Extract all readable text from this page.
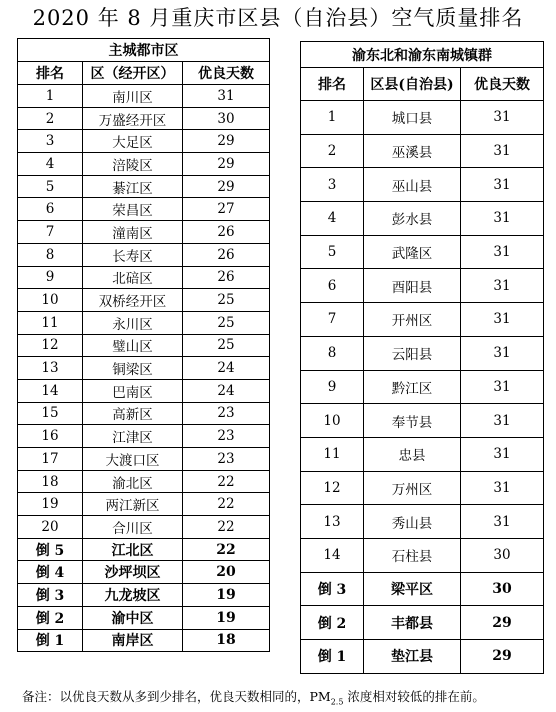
2020 年 8 月重庆市区县（自治县）空气质量排名
主城都市区		
排名	区（经开区）	优良天数
1	南川区	31
2	万盛经开区	30
3	大足区	29
4	涪陵区	29
5	綦江区	29
6	荣昌区	27
7	潼南区	26
8	长寿区	26
9	北碚区	26
10	双桥经开区	25
11	永川区	25
12	璧山区	25
13	铜梁区	24
14	巴南区	24
15	高新区	23
16	江津区	23
17	大渡口区	23
18	渝北区	22
19	两江新区	22
20	合川区	22
倒 5	江北区	22
倒 4	沙坪坝区	20
倒 3	九龙坡区	19
倒 2	渝中区	19
倒 1	南岸区	18
渝东北和渝东南城镇群		
排名	区县(自治县)	优良天数
1	城口县	31
2	巫溪县	31
3	巫山县	31
4	彭水县	31
5	武隆区	31
6	酉阳县	31
7	开州区	31
8	云阳县	31
9	黔江区	31
10	奉节县	31
11	忠县	31
12	万州区	31
13	秀山县	31
14	石柱县	30
倒 3	梁平区	30
倒 2	丰都县	29
倒 1	垫江县	29
备注：以优良天数从多到少排名，优良天数相同的，$PM_{2.5}$ 浓度相对较低的排在前。
